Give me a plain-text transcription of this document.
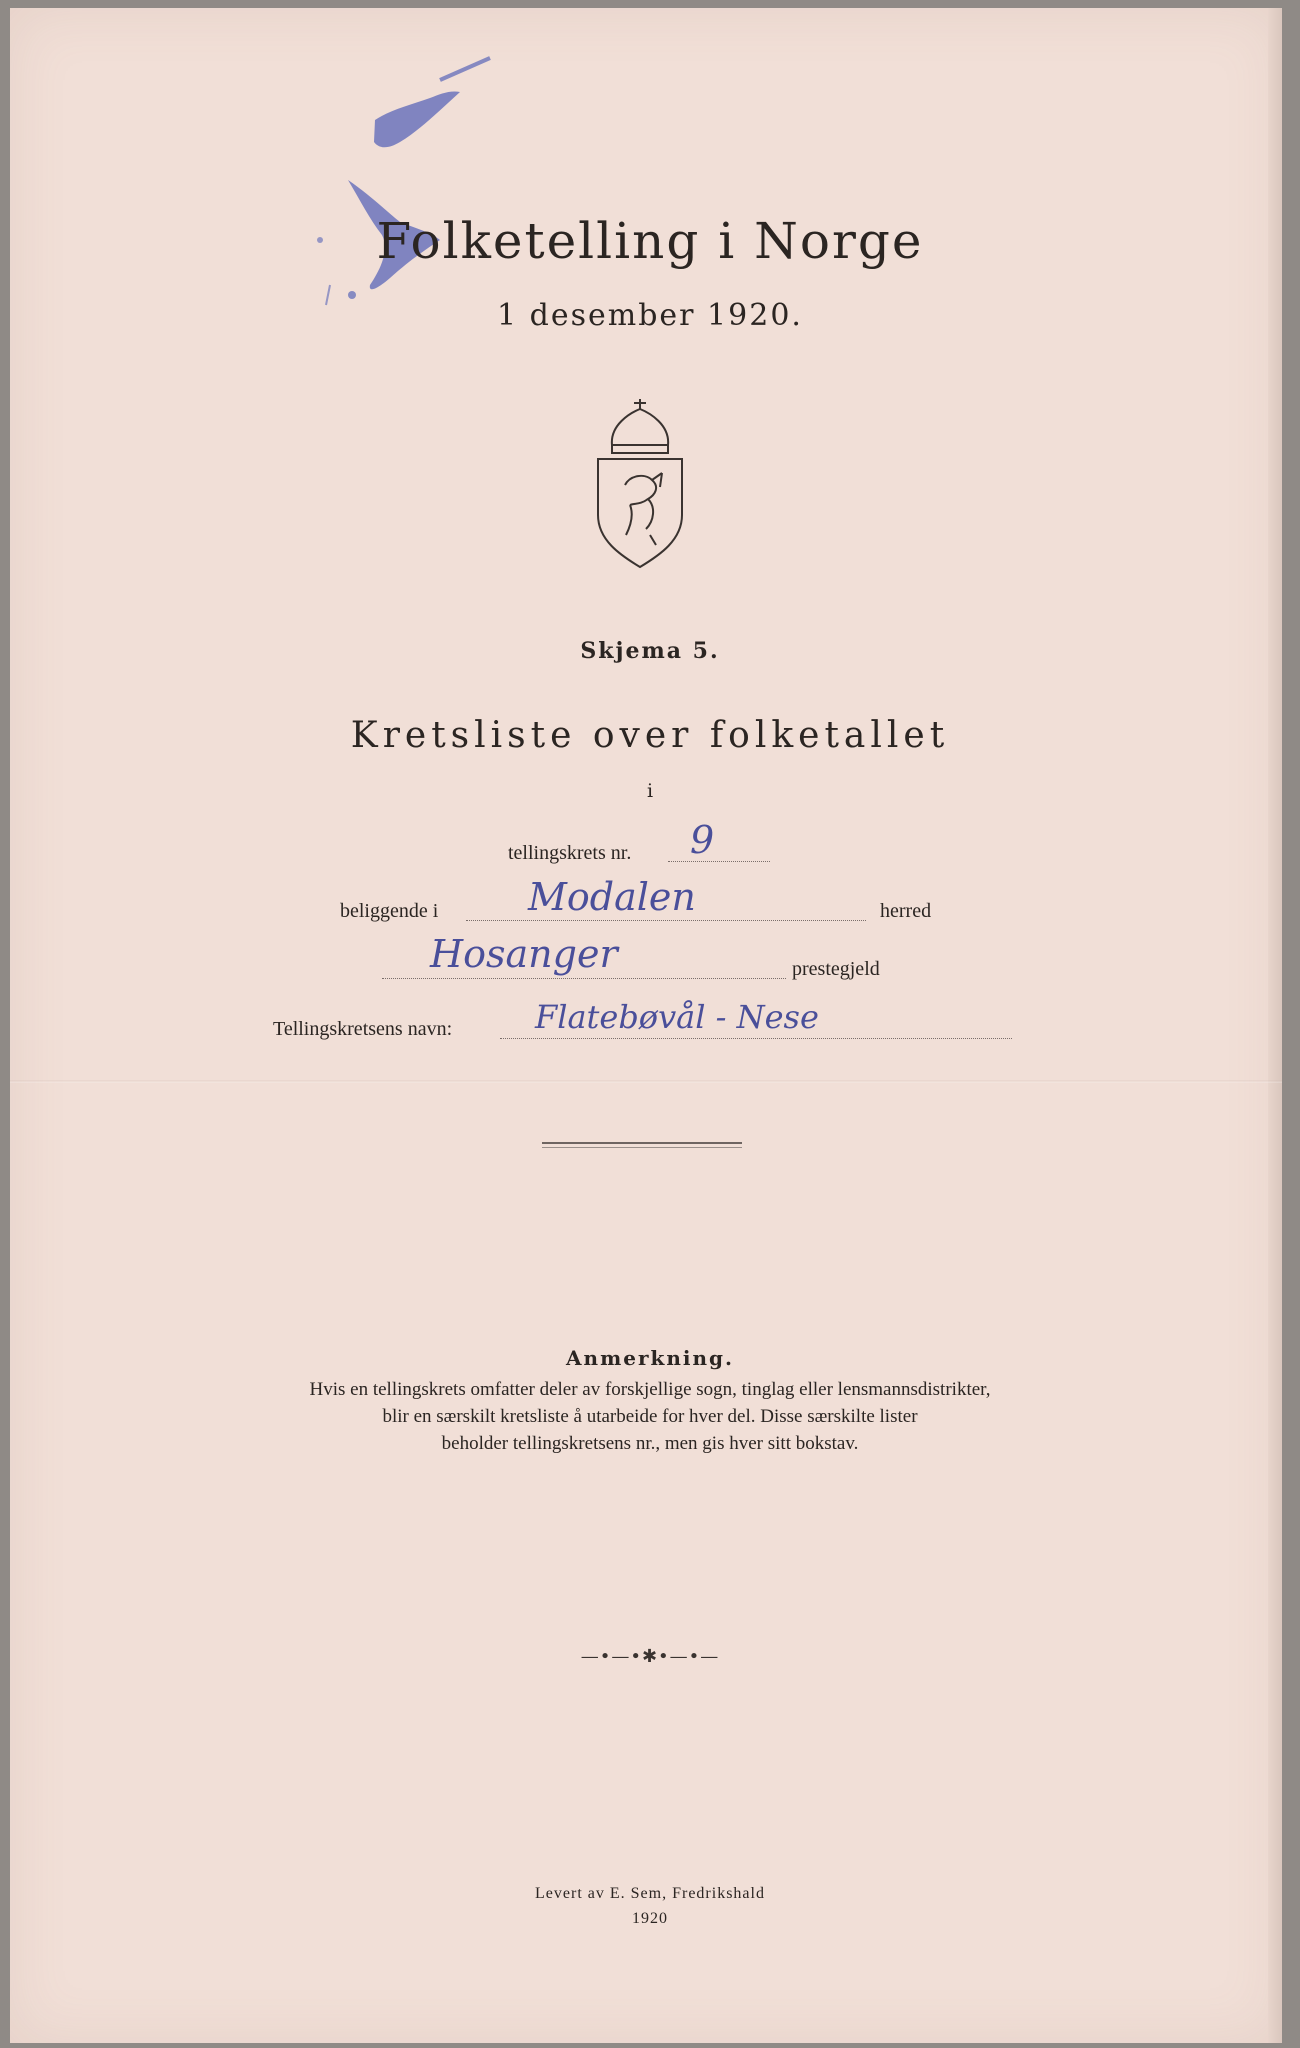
Folketelling i Norge
1 desember 1920.
Skjema 5.
Kretsliste over folketallet
i
tellingskrets nr. 9
beliggende i Modalen	herred
Hosanger	prestegjeld
Tellingskretsens navn:	Flatebøvål - Nese
Anmerkning.
Hvis en tellingskrets omfatter deler av forskjellige sogn, tinglag eller lensmannsdistrikter,
blir en særskilt kretsliste å utarbeide for hver del. Disse særskilte lister
beholder tellingskretsens nr., men gis hver sitt bokstav.
—•—•✱•—•—
Levert av E. Sem, Fredrikshald
1920
